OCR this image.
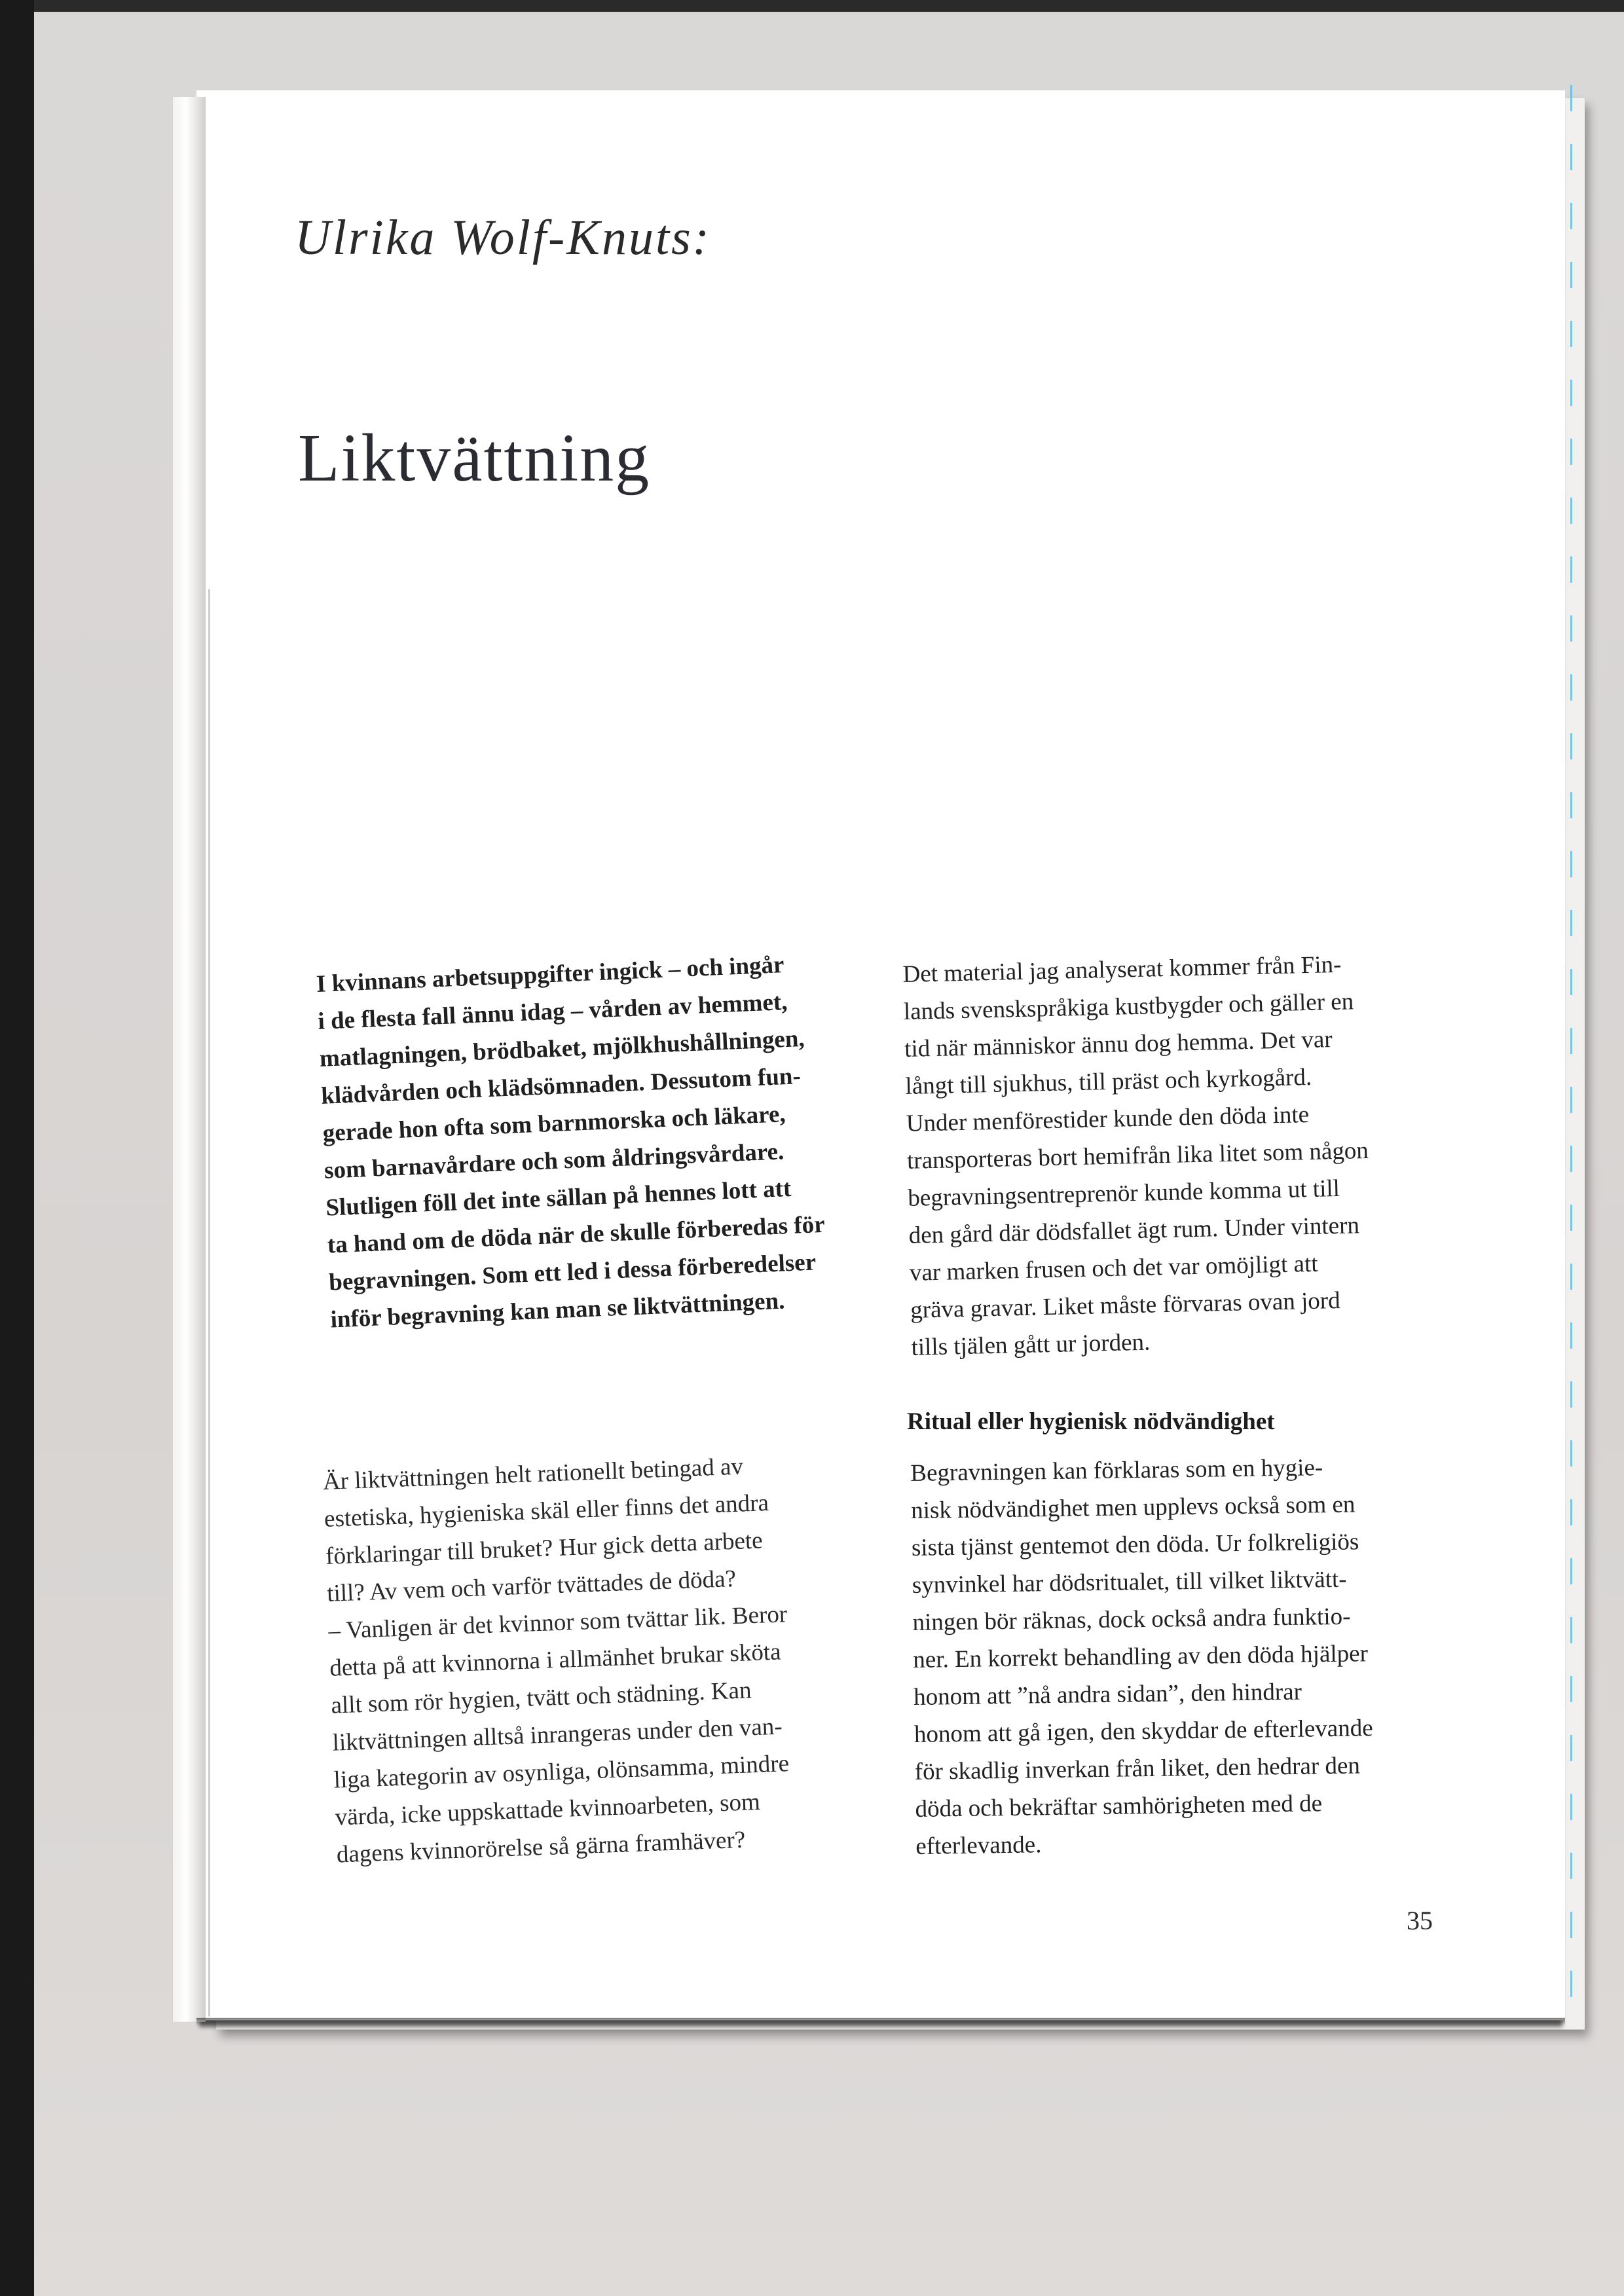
Ulrika Wolf-Knuts:

Liktvättning
I kvinnans arbetsuppgifter ingick – och ingår
i de flesta fall ännu idag – vården av hemmet,
matlagningen, brödbaket, mjölkhushållningen,
klädvården och klädsömnaden. Dessutom fun-
gerade hon ofta som barnmorska och läkare,
som barnavårdare och som åldringsvårdare.
Slutligen föll det inte sällan på hennes lott att
ta hand om de döda när de skulle förberedas för
begravningen. Som ett led i dessa förberedelser
inför begravning kan man se liktvättningen.
Är liktvättningen helt rationellt betingad av
estetiska, hygieniska skäl eller finns det andra
förklaringar till bruket? Hur gick detta arbete
till? Av vem och varför tvättades de döda?
– Vanligen är det kvinnor som tvättar lik. Beror
detta på att kvinnorna i allmänhet brukar sköta
allt som rör hygien, tvätt och städning. Kan
liktvättningen alltså inrangeras under den van-
liga kategorin av osynliga, olönsamma, mindre
värda, icke uppskattade kvinnoarbeten, som
dagens kvinnorörelse så gärna framhäver?
Det material jag analyserat kommer från Fin-
lands svenskspråkiga kustbygder och gäller en
tid när människor ännu dog hemma. Det var
långt till sjukhus, till präst och kyrkogård.
Under menförestider kunde den döda inte
transporteras bort hemifrån lika litet som någon
begravningsentreprenör kunde komma ut till
den gård där dödsfallet ägt rum. Under vintern
var marken frusen och det var omöjligt att
gräva gravar. Liket måste förvaras ovan jord
tills tjälen gått ur jorden.
Ritual eller hygienisk nödvändighet
Begravningen kan förklaras som en hygie-
nisk nödvändighet men upplevs också som en
sista tjänst gentemot den döda. Ur folkreligiös
synvinkel har dödsritualet, till vilket liktvätt-
ningen bör räknas, dock också andra funktio-
ner. En korrekt behandling av den döda hjälper
honom att ”nå andra sidan”, den hindrar
honom att gå igen, den skyddar de efterlevande
för skadlig inverkan från liket, den hedrar den
döda och bekräftar samhörigheten med de
efterlevande.

35
